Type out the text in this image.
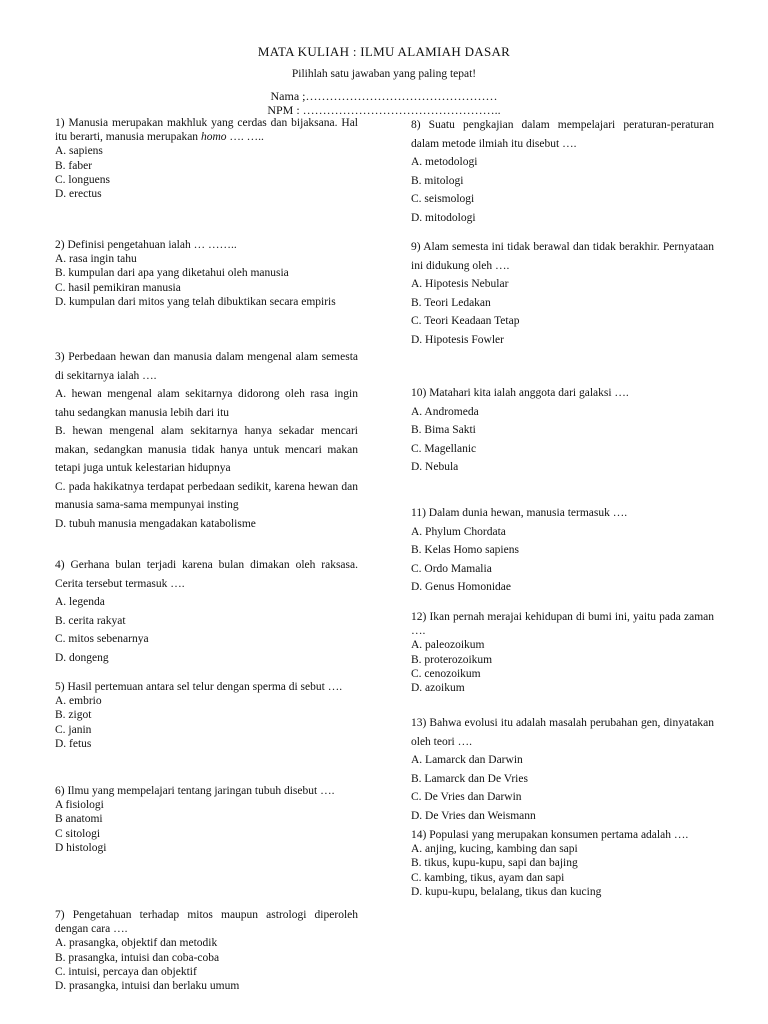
MATA KULIAH : ILMU ALAMIAH DASAR
Pilihlah satu jawaban yang paling tepat!
Nama ;…………………………………………
NPM : …………………………………………..
1) Manusia merupakan makhluk yang cerdas dan bijaksana. Hal itu berarti, manusia merupakan homo …. …..
A. sapiens
B. faber
C. longuens
D. erectus
2) Definisi pengetahuan ialah … ……..
A. rasa ingin tahu
B. kumpulan dari apa yang diketahui oleh manusia
C. hasil pemikiran manusia
D. kumpulan dari mitos yang telah dibuktikan secara empiris
3) Perbedaan hewan dan manusia dalam mengenal alam semesta di sekitarnya ialah ….
A. hewan mengenal alam sekitarnya didorong oleh rasa ingin tahu sedangkan manusia lebih dari itu
B. hewan mengenal alam sekitarnya hanya sekadar mencari makan, sedangkan manusia tidak hanya untuk mencari makan tetapi juga untuk kelestarian hidupnya
C. pada hakikatnya terdapat perbedaan sedikit, karena hewan dan manusia sama-sama mempunyai insting
D. tubuh manusia mengadakan katabolisme
4) Gerhana bulan terjadi karena bulan dimakan oleh raksasa. Cerita tersebut termasuk ….
A. legenda
B. cerita rakyat
C. mitos sebenarnya
D. dongeng
5) Hasil pertemuan antara sel telur dengan sperma di sebut ….
A. embrio
B. zigot
C. janin
D. fetus
6) Ilmu yang mempelajari tentang jaringan tubuh disebut ….
A fisiologi
B anatomi
C sitologi
D histologi
7) Pengetahuan terhadap mitos maupun astrologi diperoleh dengan cara ….
A. prasangka, objektif dan metodik
B. prasangka, intuisi dan coba-coba
C. intuisi, percaya dan objektif
D. prasangka, intuisi dan berlaku umum
8) Suatu pengkajian dalam mempelajari peraturan-peraturan dalam metode ilmiah itu disebut ….
A. metodologi
B. mitologi
C. seismologi
D. mitodologi
9) Alam semesta ini tidak berawal dan tidak berakhir. Pernyataan ini didukung oleh ….
A. Hipotesis Nebular
B. Teori Ledakan
C. Teori Keadaan Tetap
D. Hipotesis Fowler
10) Matahari kita ialah anggota dari galaksi ….
A. Andromeda
B. Bima Sakti
C. Magellanic
D. Nebula
11) Dalam dunia hewan, manusia termasuk ….
A. Phylum Chordata
B. Kelas Homo sapiens
C. Ordo Mamalia
D. Genus Homonidae
12) Ikan pernah merajai kehidupan di bumi ini, yaitu pada zaman ….
A. paleozoikum
B. proterozoikum
C. cenozoikum
D. azoikum
13) Bahwa evolusi itu adalah masalah perubahan gen, dinyatakan oleh teori ….
A. Lamarck dan Darwin
B. Lamarck dan De Vries
C. De Vries dan Darwin
D. De Vries dan Weismann
14) Populasi yang merupakan konsumen pertama adalah ….
A. anjing, kucing, kambing dan sapi
B. tikus, kupu-kupu, sapi dan bajing
C. kambing, tikus, ayam dan sapi
D. kupu-kupu, belalang, tikus dan kucing
